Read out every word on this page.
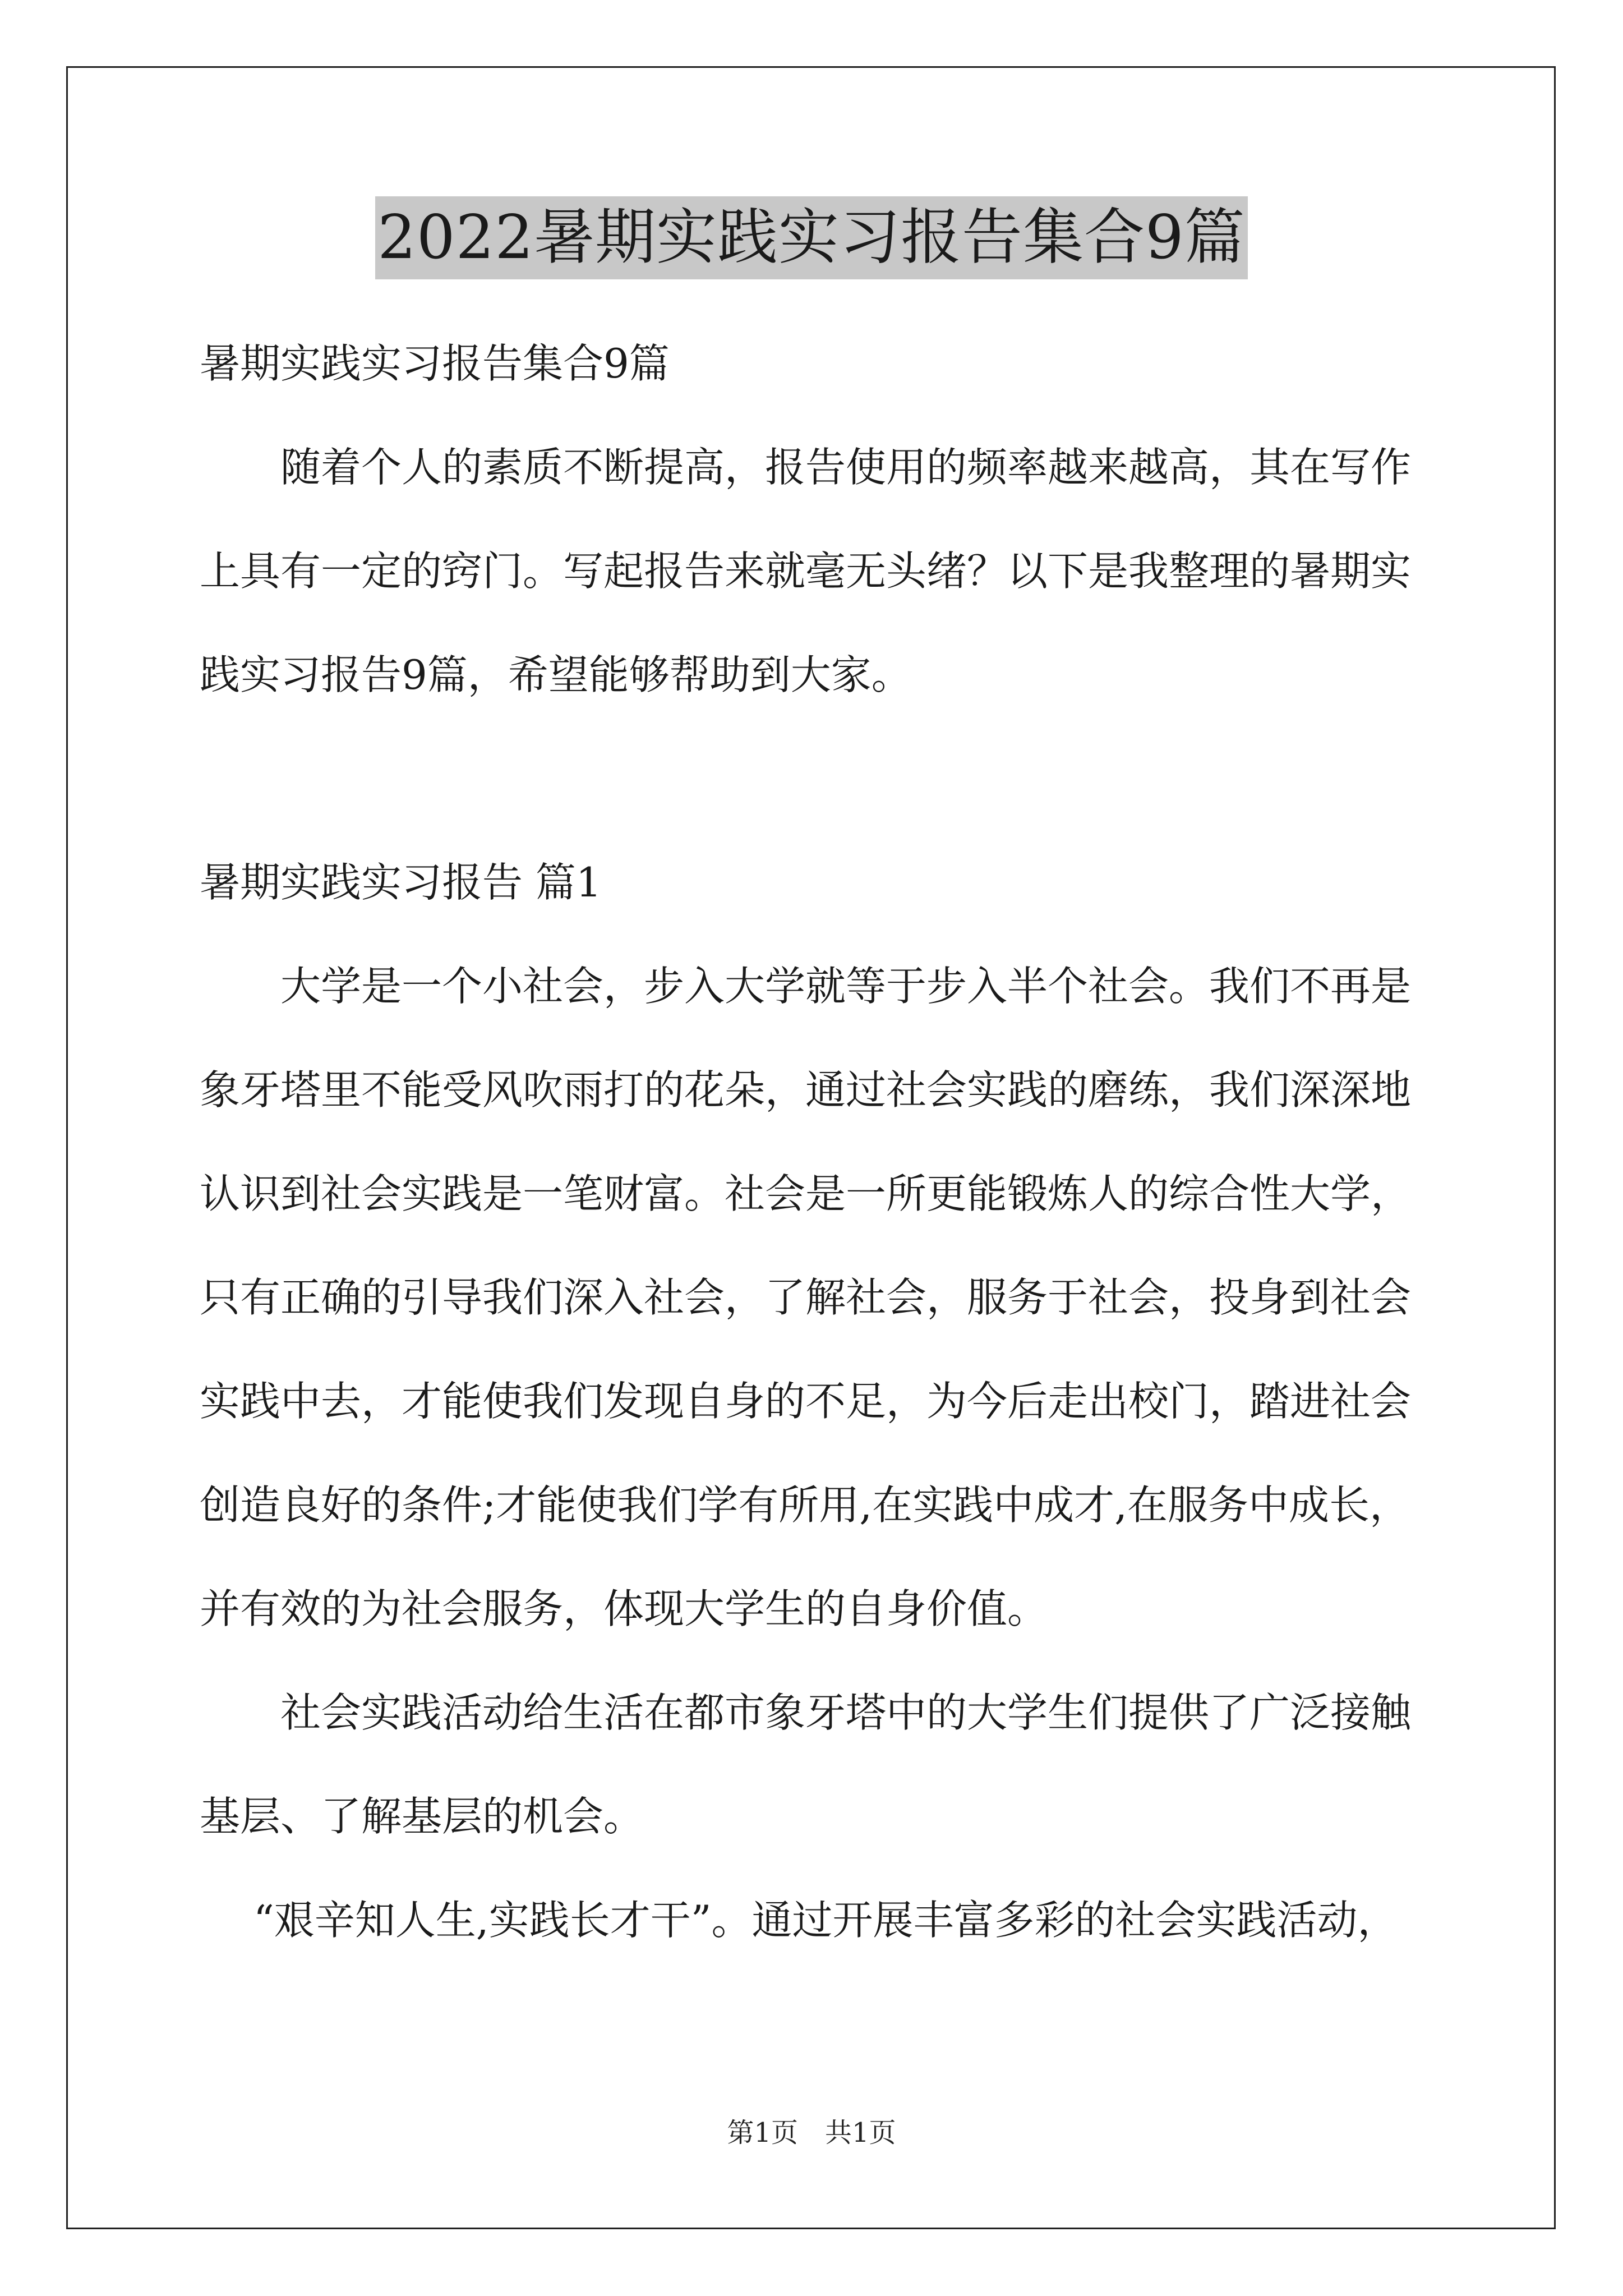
2022暑期实践实习报告集合9篇
暑期实践实习报告集合9篇
随着个人的素质不断提高，报告使用的频率越来越高，其在写作
上具有一定的窍门。写起报告来就毫无头绪？以下是我整理的暑期实
践实习报告9篇，希望能够帮助到大家。
暑期实践实习报告 篇1
大学是一个小社会，步入大学就等于步入半个社会。我们不再是
象牙塔里不能受风吹雨打的花朵，通过社会实践的磨练，我们深深地
认识到社会实践是一笔财富。社会是一所更能锻炼人的综合性大学，
只有正确的引导我们深入社会，了解社会，服务于社会，投身到社会
实践中去，才能使我们发现自身的不足，为今后走出校门，踏进社会
创造良好的条件;才能使我们学有所用,在实践中成才,在服务中成长，
并有效的为社会服务，体现大学生的自身价值。
社会实践活动给生活在都市象牙塔中的大学生们提供了广泛接触
基层、了解基层的机会。
“艰辛知人生,实践长才干”。通过开展丰富多彩的社会实践活动，
第1页 共1页
